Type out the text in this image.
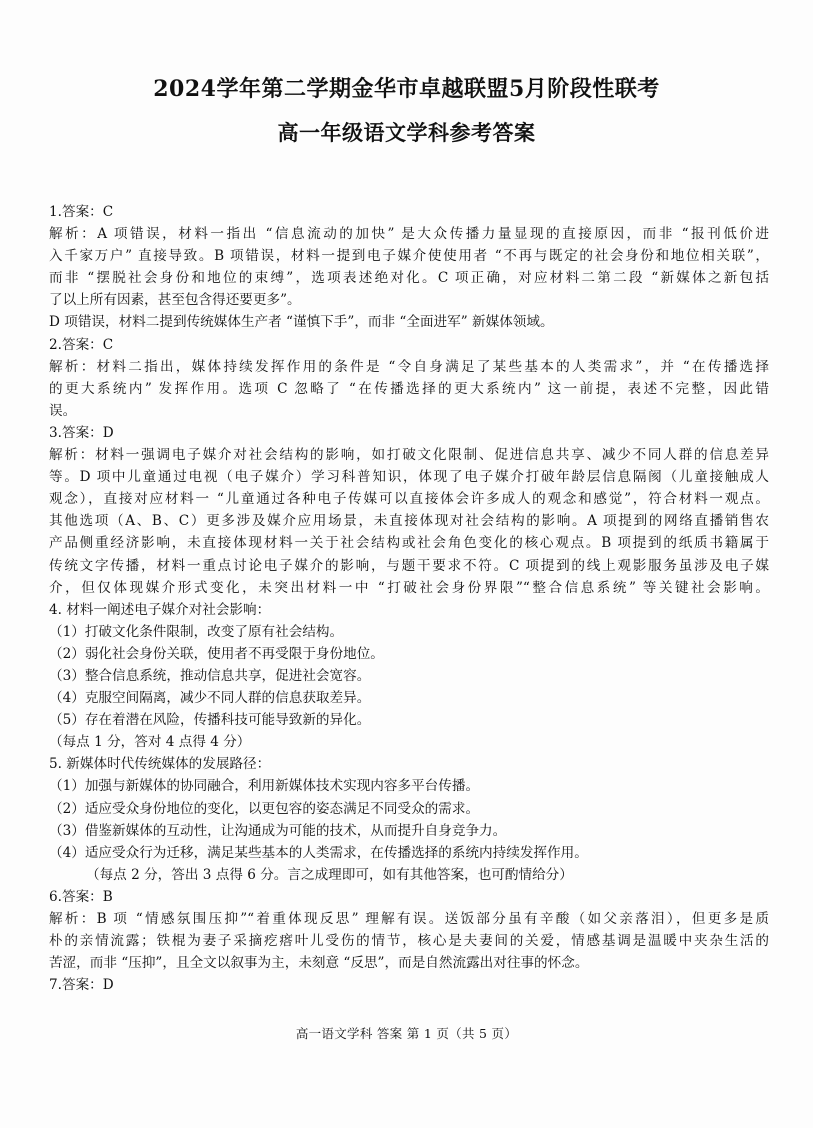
2024学年第二学期金华市卓越联盟5月阶段性联考
高一年级语文学科参考答案
1.答案：C
解析：A 项错误，材料一指出 “信息流动的加快” 是大众传播力量显现的直接原因，而非 “报刊低价进
入千家万户” 直接导致。B 项错误，材料一提到电子媒介使使用者 “不再与既定的社会身份和地位相关联”，
而非 “摆脱社会身份和地位的束缚”，选项表述绝对化。C 项正确，对应材料二第二段 “新媒体之新包括
了以上所有因素，甚至包含得还要更多”。
D 项错误，材料二提到传统媒体生产者 “谨慎下手”，而非 “全面进军” 新媒体领域。
2.答案：C
解析：材料二指出，媒体持续发挥作用的条件是 “令自身满足了某些基本的人类需求”，并 “在传播选择
的更大系统内” 发挥作用。选项 C 忽略了 “在传播选择的更大系统内” 这一前提，表述不完整，因此错
误。
3.答案：D
解析：材料一强调电子媒介对社会结构的影响，如打破文化限制、促进信息共享、减少不同人群的信息差异
等。D 项中儿童通过电视（电子媒介）学习科普知识，体现了电子媒介打破年龄层信息隔阂（儿童接触成人
观念），直接对应材料一 “儿童通过各种电子传媒可以直接体会许多成人的观念和感觉”，符合材料一观点。
其他选项（A、B、C）更多涉及媒介应用场景，未直接体现对社会结构的影响。A 项提到的网络直播销售农
产品侧重经济影响，未直接体现材料一关于社会结构或社会角色变化的核心观点。B 项提到的纸质书籍属于
传统文字传播，材料一重点讨论电子媒介的影响，与题干要求不符。C 项提到的线上观影服务虽涉及电子媒
介，但仅体现媒介形式变化，未突出材料一中 “打破社会身份界限”“整合信息系统” 等关键社会影响。
4. 材料一阐述电子媒介对社会影响：
（1）打破文化条件限制，改变了原有社会结构。
（2）弱化社会身份关联，使用者不再受限于身份地位。
（3）整合信息系统，推动信息共享，促进社会宽容。
（4）克服空间隔离，减少不同人群的信息获取差异。
（5）存在着潜在风险，传播科技可能导致新的异化。
（每点 1 分，答对 4 点得 4 分）
5. 新媒体时代传统媒体的发展路径：
（1）加强与新媒体的协同融合，利用新媒体技术实现内容多平台传播。
（2）适应受众身份地位的变化，以更包容的姿态满足不同受众的需求。
（3）借鉴新媒体的互动性，让沟通成为可能的技术，从而提升自身竞争力。
（4）适应受众行为迁移，满足某些基本的人类需求，在传播选择的系统内持续发挥作用。
（每点 2 分，答出 3 点得 6 分。言之成理即可，如有其他答案，也可酌情给分）
6.答案：B
解析：B 项 “情感氛围压抑”“着重体现反思” 理解有误。送饭部分虽有辛酸（如父亲落泪），但更多是质
朴的亲情流露；铁棍为妻子采摘疙瘩叶儿受伤的情节，核心是夫妻间的关爱，情感基调是温暖中夹杂生活的
苦涩，而非 “压抑”，且全文以叙事为主，未刻意 “反思”，而是自然流露出对往事的怀念。
7.答案：D
高一语文学科 答案 第 1 页（共 5 页）
